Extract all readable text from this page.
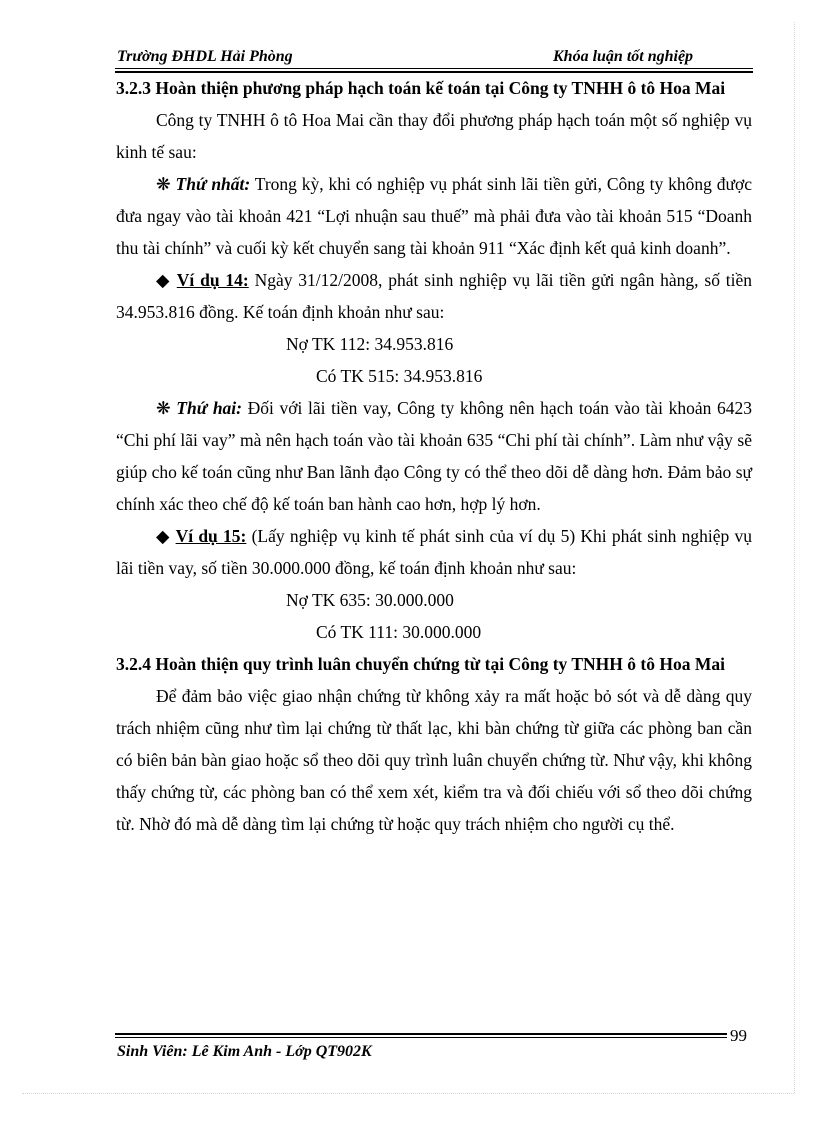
Trường ĐHDL Hải Phòng	Khóa luận tốt nghiệp

3.2.3 Hoàn thiện phương pháp hạch toán kế toán tại Công ty TNHH ô tô Hoa Mai

Công ty TNHH ô tô Hoa Mai cần thay đổi phương pháp hạch toán một số nghiệp vụ kinh tế sau:

❋ Thứ nhất: Trong kỳ, khi có nghiệp vụ phát sinh lãi tiền gửi, Công ty không được đưa ngay vào tài khoản 421 “Lợi nhuận sau thuế” mà phải đưa vào tài khoản 515 “Doanh thu tài chính” và cuối kỳ kết chuyển sang tài khoản 911 “Xác định kết quả kinh doanh”.

◆ Ví dụ 14: Ngày 31/12/2008, phát sinh nghiệp vụ lãi tiền gửi ngân hàng, số tiền 34.953.816 đồng. Kế toán định khoản như sau:

Nợ TK 112: 34.953.816

Có TK 515: 34.953.816

❋ Thứ hai: Đối với lãi tiền vay, Công ty không nên hạch toán vào tài khoản 6423 “Chi phí lãi vay” mà nên hạch toán vào tài khoản 635 “Chi phí tài chính”. Làm như vậy sẽ giúp cho kế toán cũng như Ban lãnh đạo Công ty có thể theo dõi dễ dàng hơn. Đảm bảo sự chính xác theo chế độ kế toán ban hành cao hơn, hợp lý hơn.

◆ Ví dụ 15: (Lấy nghiệp vụ kinh tế phát sinh của ví dụ 5) Khi phát sinh nghiệp vụ lãi tiền vay, số tiền 30.000.000 đồng, kế toán định khoản như sau:

Nợ TK 635: 30.000.000

Có TK 111: 30.000.000

3.2.4 Hoàn thiện quy trình luân chuyển chứng từ tại Công ty TNHH ô tô Hoa Mai

Để đảm bảo việc giao nhận chứng từ không xảy ra mất hoặc bỏ sót và dễ dàng quy trách nhiệm cũng như tìm lại chứng từ thất lạc, khi bàn chứng từ giữa các phòng ban cần có biên bản bàn giao hoặc sổ theo dõi quy trình luân chuyển chứng từ. Như vậy, khi không thấy chứng từ, các phòng ban có thể xem xét, kiểm tra và đối chiếu với sổ theo dõi chứng từ. Nhờ đó mà dễ dàng tìm lại chứng từ hoặc quy trách nhiệm cho người cụ thể.

99
Sinh Viên: Lê Kim Anh - Lớp QT902K
